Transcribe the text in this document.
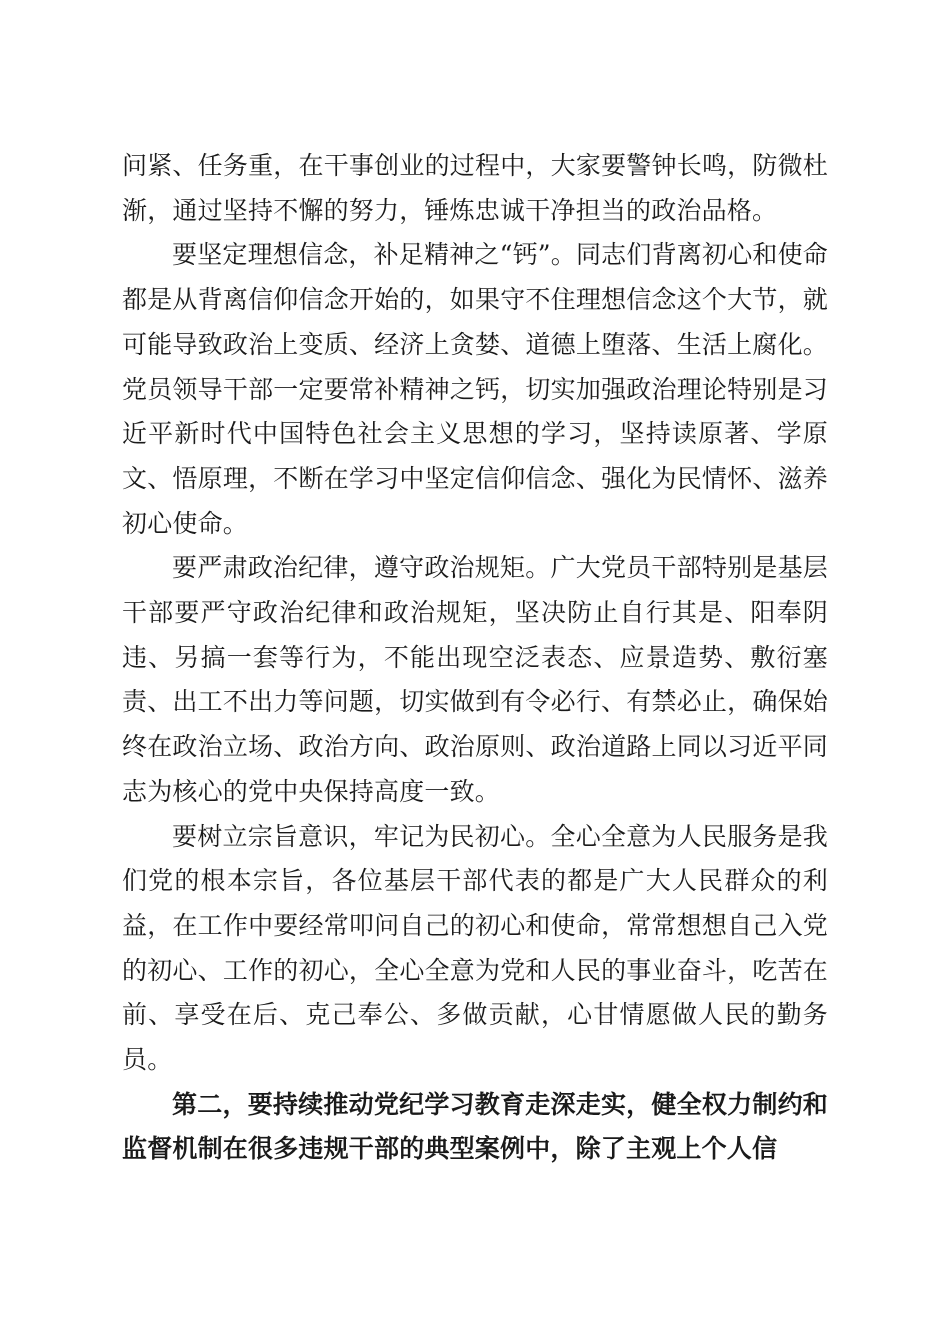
问紧、任务重，在干事创业的过程中，大家要警钟长鸣，防微杜渐，通过坚持不懈的努力，锤炼忠诚干净担当的政治品格。

要坚定理想信念，补足精神之“钙”。同志们背离初心和使命都是从背离信仰信念开始的，如果守不住理想信念这个大节，就可能导致政治上变质、经济上贪婪、道德上堕落、生活上腐化。党员领导干部一定要常补精神之钙，切实加强政治理论特别是习近平新时代中国特色社会主义思想的学习，坚持读原著、学原文、悟原理，不断在学习中坚定信仰信念、强化为民情怀、滋养初心使命。

要严肃政治纪律，遵守政治规矩。广大党员干部特别是基层干部要严守政治纪律和政治规矩，坚决防止自行其是、阳奉阴违、另搞一套等行为，不能出现空泛表态、应景造势、敷衍塞责、出工不出力等问题，切实做到有令必行、有禁必止，确保始终在政治立场、政治方向、政治原则、政治道路上同以习近平同志为核心的党中央保持高度一致。

要树立宗旨意识，牢记为民初心。全心全意为人民服务是我们党的根本宗旨，各位基层干部代表的都是广大人民群众的利益，在工作中要经常叩问自己的初心和使命，常常想想自己入党的初心、工作的初心，全心全意为党和人民的事业奋斗，吃苦在前、享受在后、克己奉公、多做贡献，心甘情愿做人民的勤务员。

第二，要持续推动党纪学习教育走深走实，健全权力制约和监督机制在很多违规干部的典型案例中，除了主观上个人信
